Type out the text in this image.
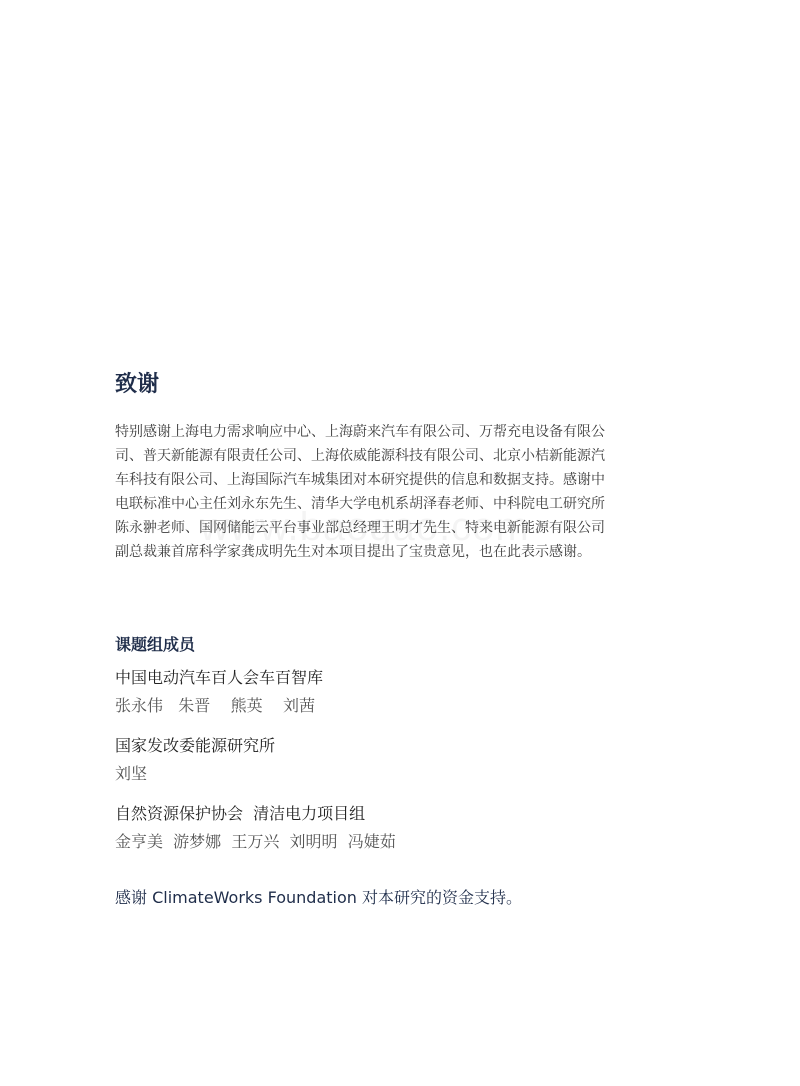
致谢

特别感谢上海电力需求响应中心、上海蔚来汽车有限公司、万帮充电设备有限公司、普天新能源有限责任公司、上海依威能源科技有限公司、北京小桔新能源汽车科技有限公司、上海国际汽车城集团对本研究提供的信息和数据支持。感谢中电联标准中心主任刘永东先生、清华大学电机系胡泽春老师、中科院电工研究所陈永翀老师、国网储能云平台事业部总经理王明才先生、特来电新能源有限公司副总裁兼首席科学家龚成明先生对本项目提出了宝贵意见，也在此表示感谢。

课题组成员

中国电动汽车百人会车百智库

张永伟   朱晋    熊英    刘茜

国家发改委能源研究所

刘坚

自然资源保护协会  清洁电力项目组

金亨美  游梦娜  王万兴  刘明明  冯婕茹

感谢 ClimateWorks Foundation 对本研究的资金支持。
